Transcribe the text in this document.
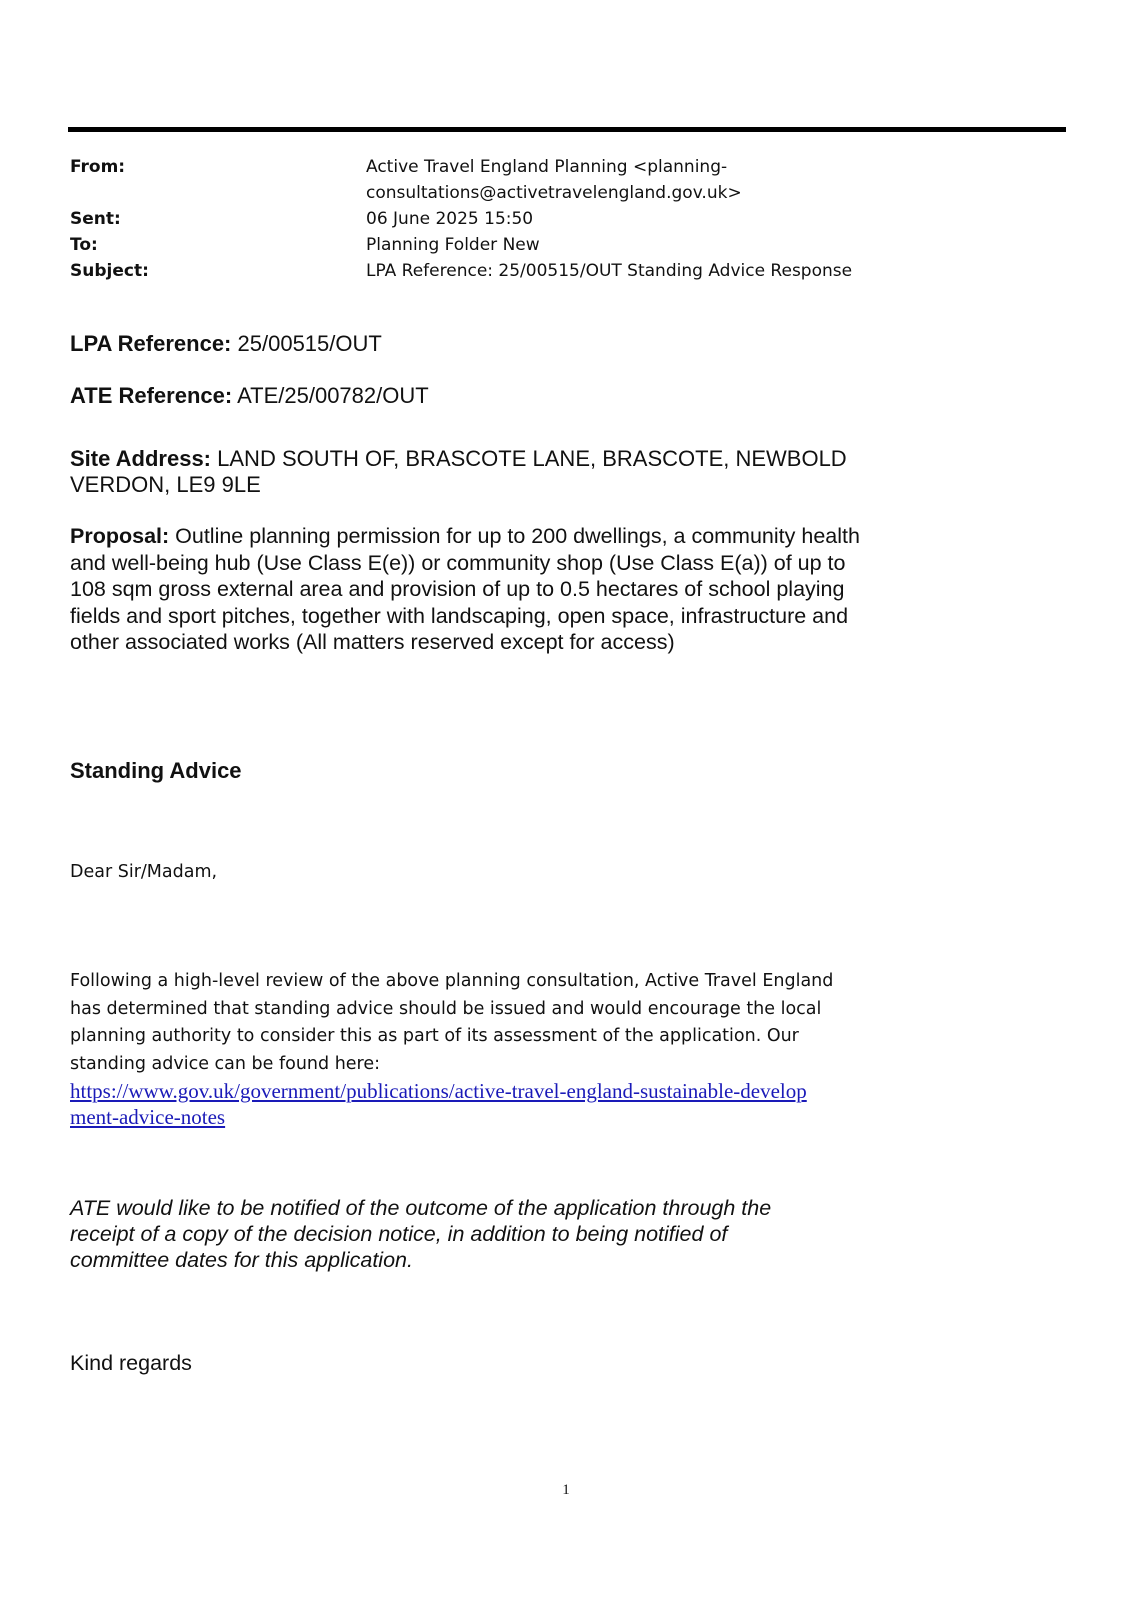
From:	Active Travel England Planning <planning-consultations@activetravelengland.gov.uk>
Sent:	06 June 2025 15:50
To:	Planning Folder New
Subject:	LPA Reference: 25/00515/OUT Standing Advice Response
LPA Reference: 25/00515/OUT
ATE Reference: ATE/25/00782/OUT
Site Address: LAND SOUTH OF, BRASCOTE LANE, BRASCOTE, NEWBOLD VERDON, LE9 9LE
Proposal: Outline planning permission for up to 200 dwellings, a community health and well-being hub (Use Class E(e)) or community shop (Use Class E(a)) of up to 108 sqm gross external area and provision of up to 0.5 hectares of school playing fields and sport pitches, together with landscaping, open space, infrastructure and other associated works (All matters reserved except for access)
Standing Advice
Dear Sir/Madam,
Following a high-level review of the above planning consultation, Active Travel England has determined that standing advice should be issued and would encourage the local planning authority to consider this as part of its assessment of the application. Our standing advice can be found here:
https://www.gov.uk/government/publications/active-travel-england-sustainable-development-advice-notes
ATE would like to be notified of the outcome of the application through the receipt of a copy of the decision notice, in addition to being notified of committee dates for this application.
Kind regards
1
